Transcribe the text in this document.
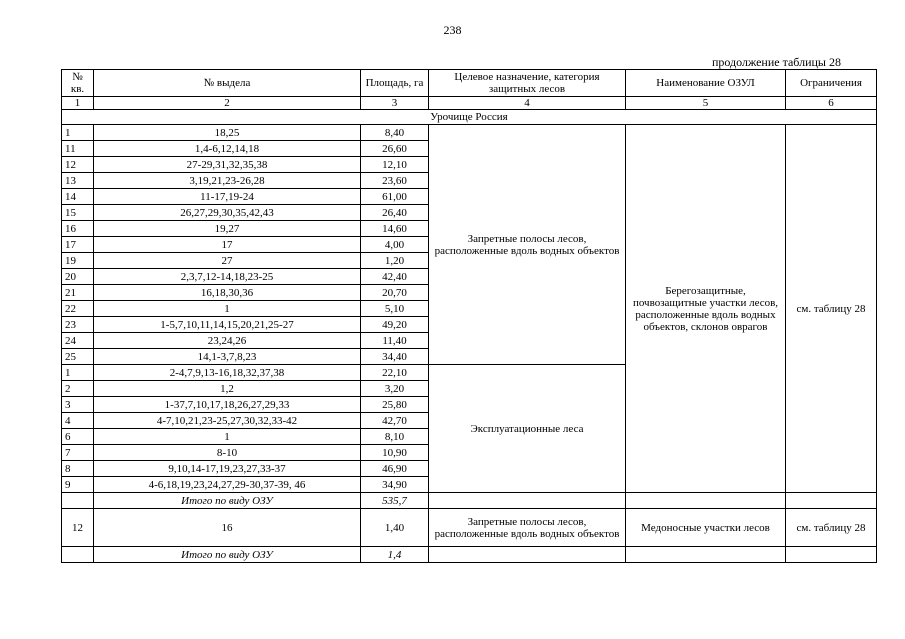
238
продолжение таблицы 28
№ кв.	№ выдела	Площадь, га	Целевое назначение, категория защитных лесов	Наименование ОЗУЛ	Ограничения
1	2	3	4	5	6
Урочище Россия					
1	18,25	8,40	Запретные полосы лесов, расположенные вдоль водных объектов	Берегозащитные, почвозащитные участки лесов, расположенные вдоль водных объектов, склонов оврагов	см. таблицу 28
11	1,4-6,12,14,18	26,60			
12	27-29,31,32,35,38	12,10			
13	3,19,21,23-26,28	23,60			
14	11-17,19-24	61,00			
15	26,27,29,30,35,42,43	26,40			
16	19,27	14,60			
17	17	4,00			
19	27	1,20			
20	2,3,7,12-14,18,23-25	42,40			
21	16,18,30,36	20,70			
22	1	5,10			
23	1-5,7,10,11,14,15,20,21,25-27	49,20			
24	23,24,26	11,40			
25	14,1-3,7,8,23	34,40			
1	2-4,7,9,13-16,18,32,37,38	22,10	Эксплуатационные леса		
2	1,2	3,20			
3	1-37,7,10,17,18,26,27,29,33	25,80			
4	4-7,10,21,23-25,27,30,32,33-42	42,70			
6	1	8,10			
7	8-10	10,90			
8	9,10,14-17,19,23,27,33-37	46,90			
9	4-6,18,19,23,24,27,29-30,37-39, 46	34,90			
	Итого по виду ОЗУ	535,7			
12	16	1,40	Запретные полосы лесов, расположенные вдоль водных объектов	Медоносные участки лесов	см. таблицу 28
	Итого по виду ОЗУ	1,4			
